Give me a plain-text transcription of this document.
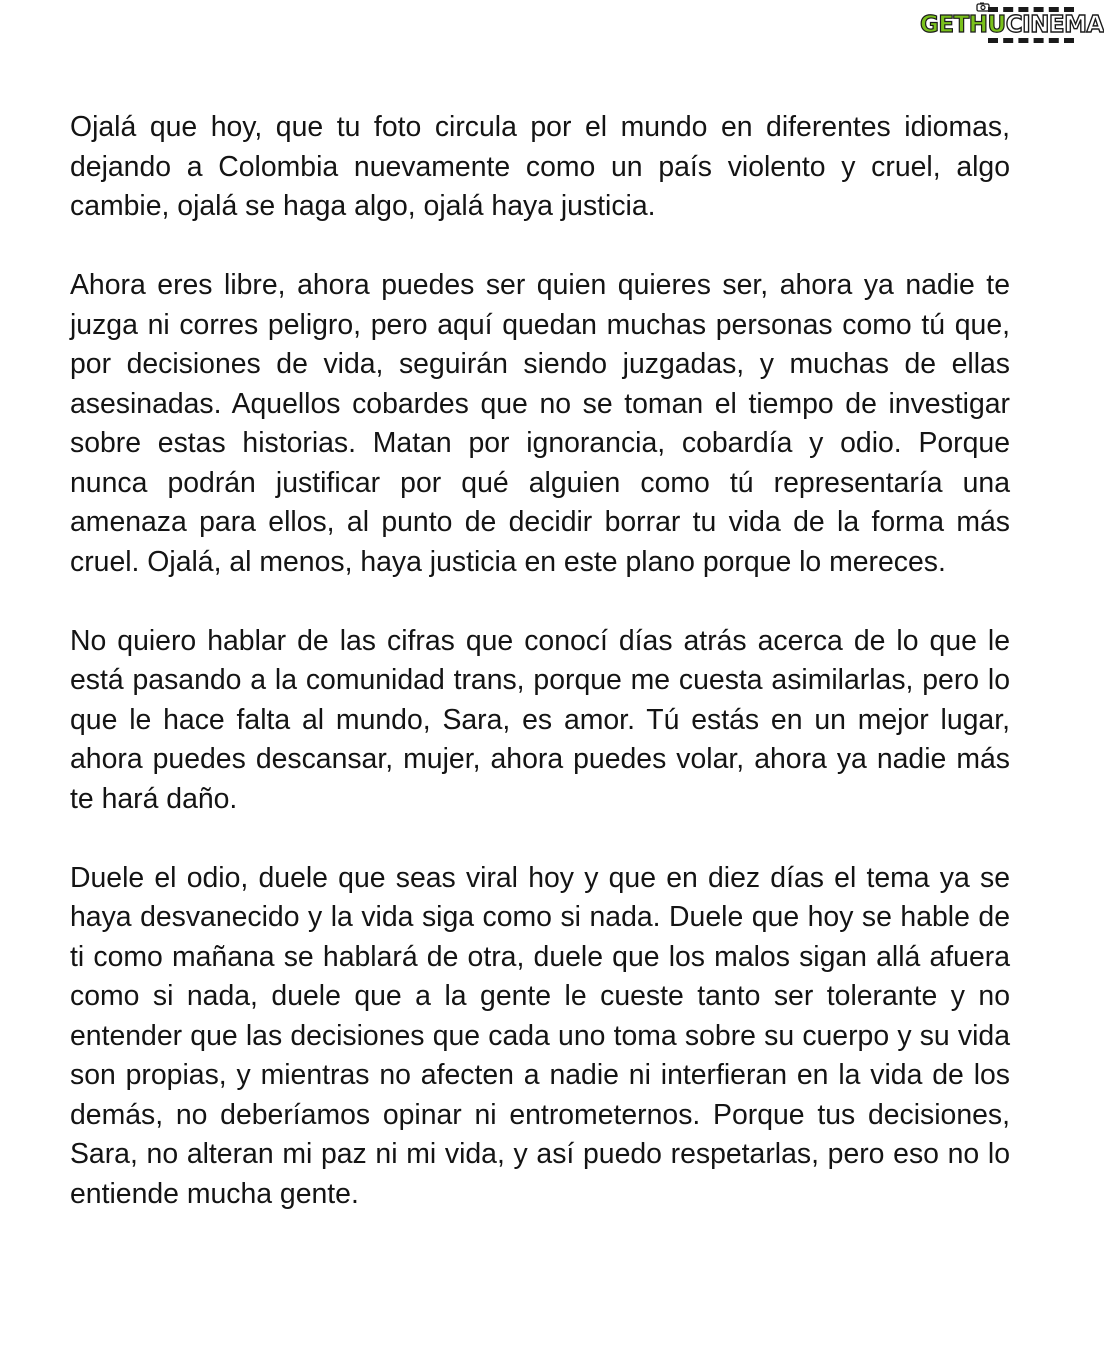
GETHUCINEMA

Ojalá que hoy, que tu foto circula por el mundo en diferentes idiomas, dejando a Colombia nuevamente como un país violento y cruel, algo cambie, ojalá se haga algo, ojalá haya justicia.

Ahora eres libre, ahora puedes ser quien quieres ser, ahora ya nadie te juzga ni corres peligro, pero aquí quedan muchas personas como tú que, por decisiones de vida, seguirán siendo juzgadas, y muchas de ellas asesinadas. Aquellos cobardes que no se toman el tiempo de investigar sobre estas historias. Matan por ignorancia, cobardía y odio. Porque nunca podrán justificar por qué alguien como tú representaría una amenaza para ellos, al punto de decidir borrar tu vida de la forma más cruel. Ojalá, al menos, haya justicia en este plano porque lo mereces.

No quiero hablar de las cifras que conocí días atrás acerca de lo que le está pasando a la comunidad trans, porque me cuesta asimilarlas, pero lo que le hace falta al mundo, Sara, es amor. Tú estás en un mejor lugar, ahora puedes descansar, mujer, ahora puedes volar, ahora ya nadie más te hará daño.

Duele el odio, duele que seas viral hoy y que en diez días el tema ya se haya desvanecido y la vida siga como si nada. Duele que hoy se hable de ti como mañana se hablará de otra, duele que los malos sigan allá afuera como si nada, duele que a la gente le cueste tanto ser tolerante y no entender que las decisiones que cada uno toma sobre su cuerpo y su vida son propias, y mientras no afecten a nadie ni interfieran en la vida de los demás, no deberíamos opinar ni entrometernos. Porque tus decisiones, Sara, no alteran mi paz ni mi vida, y así puedo respetarlas, pero eso no lo entiende mucha gente.
